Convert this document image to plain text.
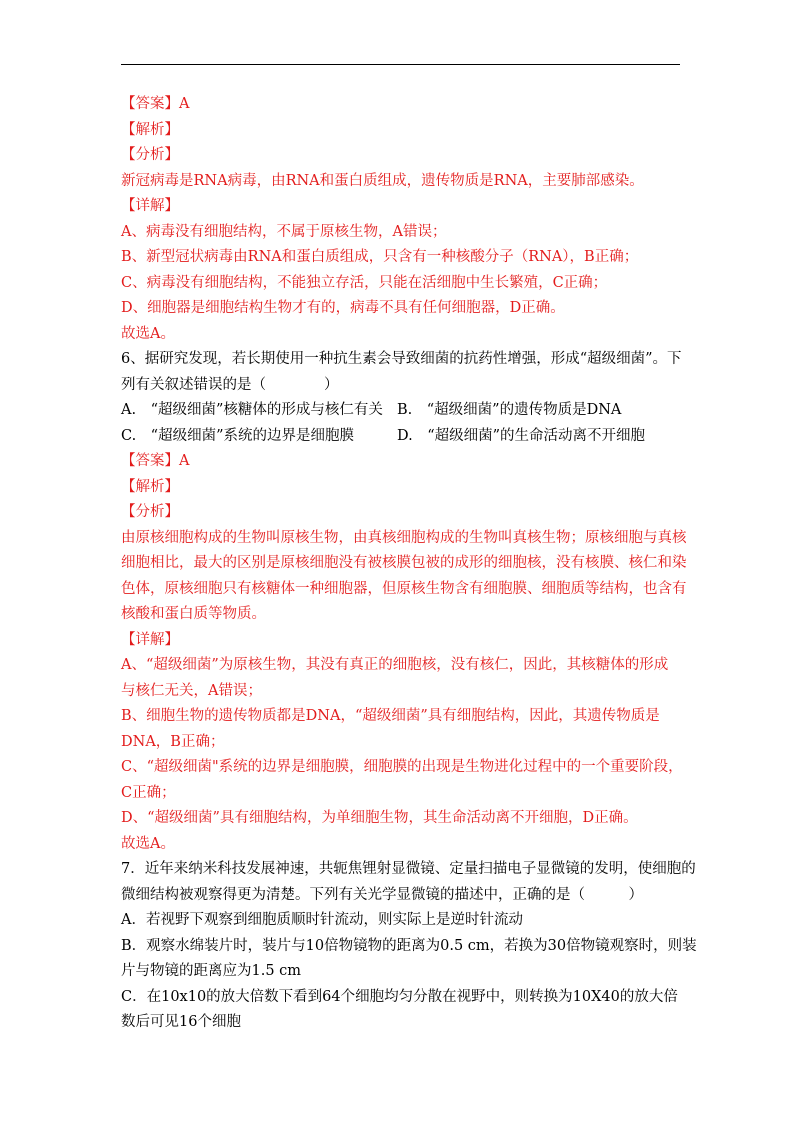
【答案】A
【解析】
【分析】
新冠病毒是RNA病毒，由RNA和蛋白质组成，遗传物质是RNA，主要肺部感染。
【详解】
A、病毒没有细胞结构，不属于原核生物，A错误；
B、新型冠状病毒由RNA和蛋白质组成，只含有一种核酸分子（RNA），B正确；
C、病毒没有细胞结构，不能独立存活，只能在活细胞中生长繁殖，C正确；
D、细胞器是细胞结构生物才有的，病毒不具有任何细胞器，D正确。
故选A。
6、据研究发现，若长期使用一种抗生素会导致细菌的抗药性增强，形成“超级细菌”。下
列有关叙述错误的是（　　　　）
A.　“超级细菌”核糖体的形成与核仁有关 B.　“超级细菌”的遗传物质是DNA
C.　“超级细菌”系统的边界是细胞膜	D.　“超级细菌”的生命活动离不开细胞
【答案】A
【解析】
【分析】
由原核细胞构成的生物叫原核生物，由真核细胞构成的生物叫真核生物；原核细胞与真核
细胞相比，最大的区别是原核细胞没有被核膜包被的成形的细胞核，没有核膜、核仁和染
色体，原核细胞只有核糖体一种细胞器，但原核生物含有细胞膜、细胞质等结构，也含有
核酸和蛋白质等物质。
【详解】
A、“超级细菌”为原核生物，其没有真正的细胞核，没有核仁，因此，其核糖体的形成
与核仁无关，A错误；
B、细胞生物的遗传物质都是DNA，“超级细菌”具有细胞结构，因此，其遗传物质是
DNA，B正确；
C、“超级细菌"系统的边界是细胞膜，细胞膜的出现是生物进化过程中的一个重要阶段，
C正确；
D、“超级细菌”具有细胞结构，为单细胞生物，其生命活动离不开细胞，D正确。
故选A。
7．近年来纳米科技发展神速，共轭焦锂射显微镜、定量扫描电子显微镜的发明，使细胞的
微细结构被观察得更为清楚。下列有关光学显微镜的描述中，正确的是（　　　）
A．若视野下观察到细胞质顺时针流动，则实际上是逆时针流动
B．观察水绵装片时，装片与10倍物镜物的距离为0.5 cm，若换为30倍物镜观察时，则装
片与物镜的距离应为1.5 cm
C．在10x10的放大倍数下看到64个细胞均匀分散在视野中，则转换为10X40的放大倍
数后可见16个细胞
